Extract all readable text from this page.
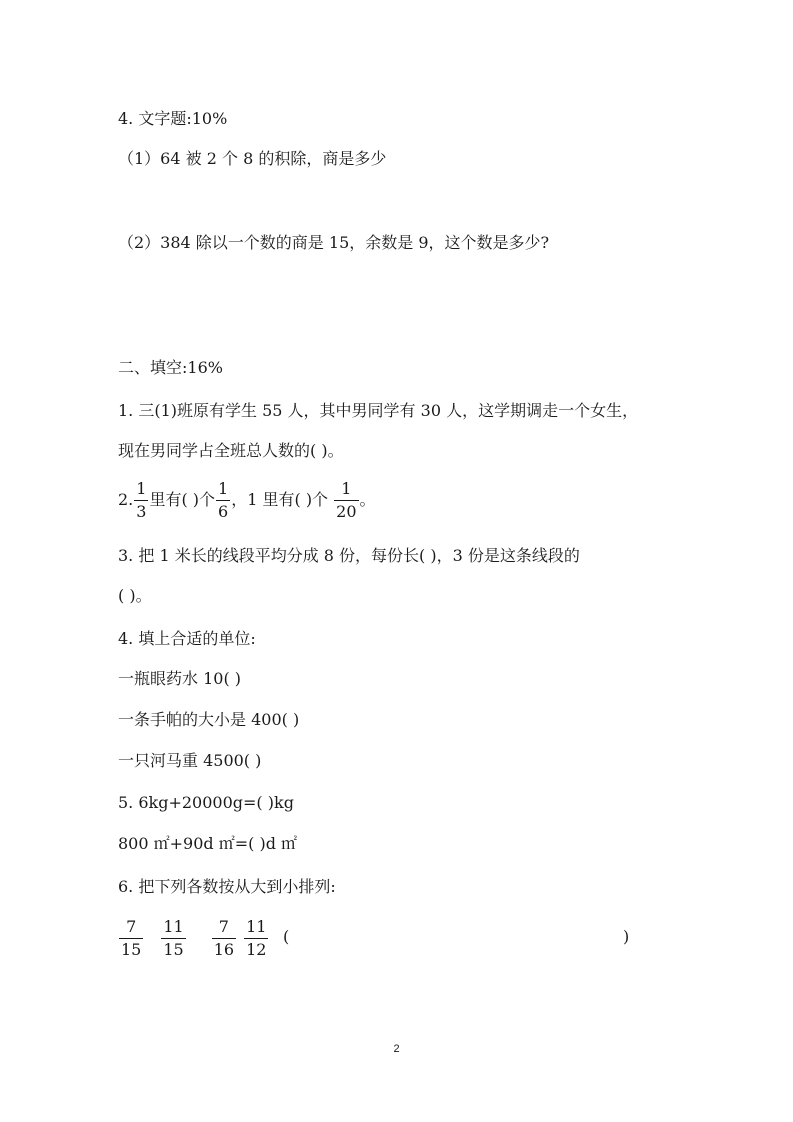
4. 文字题:10%
（1）64 被 2 个 8 的积除，商是多少
（2）384 除以一个数的商是 15，余数是 9，这个数是多少?
二、填空:16%
1. 三(1)班原有学生 55 人，其中男同学有 30 人，这学期调走一个女生，
现在男同学占全班总人数的( )。
2. $\frac{1}{3}$ 里有( )个 $\frac{1}{6}$ ，1 里有( )个 $\frac{1}{20}$ 。
3. 把 1 米长的线段平均分成 8 份，每份长( )，3 份是这条线段的
( )。
4. 填上合适的单位:
一瓶眼药水 10( )
一条手帕的大小是 400( )
一只河马重 4500( )
5. 6kg+20000g=( )kg
800 ㎡+90d ㎡=( )d ㎡
6. 把下列各数按从大到小排列:
$\frac{7}{15} \frac{11}{15} \frac{7}{16} \frac{11}{12}$ (	)
2
